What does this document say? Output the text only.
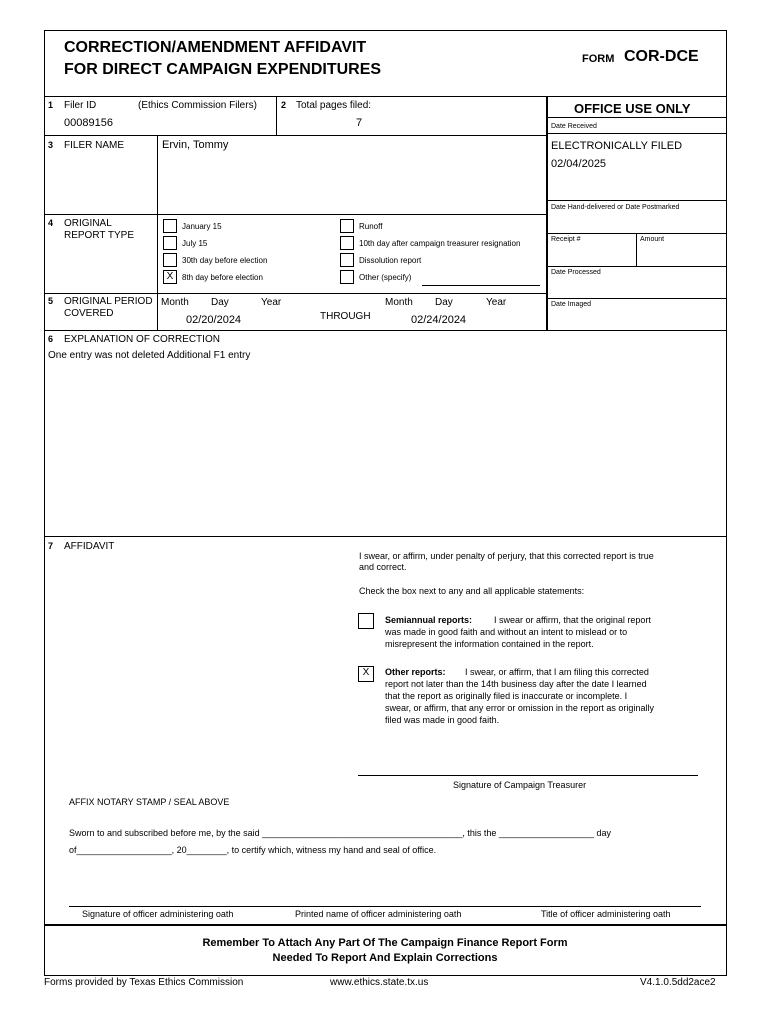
CORRECTION/AMENDMENT AFFIDAVIT
FOR DIRECT CAMPAIGN EXPENDITURES
FORM COR-DCE
1 Filer ID	(Ethics Commission Filers)
00089156
2 Total pages filed:
7
3 FILER NAME	Ervin, Tommy
4 ORIGINAL
REPORT TYPE
January 15
July 15
30th day before election
X	8th day before election
Runoff
10th day after campaign treasurer resignation
Dissolution report
Other (specify)
5 ORIGINAL PERIOD
COVERED
Month Day	Year
02/20/2024	THROUGH
Month Day	Year
02/24/2024
OFFICE USE ONLY
Date Received
ELECTRONICALLY FILED
02/04/2025
Date Hand-delivered or Date Postmarked
Receipt #	Amount
Date Processed
Date Imaged
6 EXPLANATION OF CORRECTION
One entry was not deleted Additional F1 entry
7 AFFIDAVIT
I swear, or affirm, under penalty of perjury, that this corrected report is true
and correct.
Check the box next to any and all applicable statements:
Semiannual reports: I swear or affirm, that the original report
was made in good faith and without an intent to mislead or to
misrepresent the information contained in the report.
X	Other reports: I swear, or affirm, that I am filing this corrected
report not later than the 14th business day after the date I learned
that the report as originally filed is inaccurate or incomplete. I
swear, or affirm, that any error or omission in the report as originally
filed was made in good faith.
Signature of Campaign Treasurer
AFFIX NOTARY STAMP / SEAL ABOVE
Sworn to and subscribed before me, by the said ________________________________________, this the ___________________ day
of___________________, 20________, to certify which, witness my hand and seal of office.
Signature of officer administering oath	Printed name of officer administering oath	Title of officer administering oath
Remember To Attach Any Part Of The Campaign Finance Report Form
Needed To Report And Explain Corrections
Forms provided by Texas Ethics Commission	www.ethics.state.tx.us	V4.1.0.5dd2ace2
